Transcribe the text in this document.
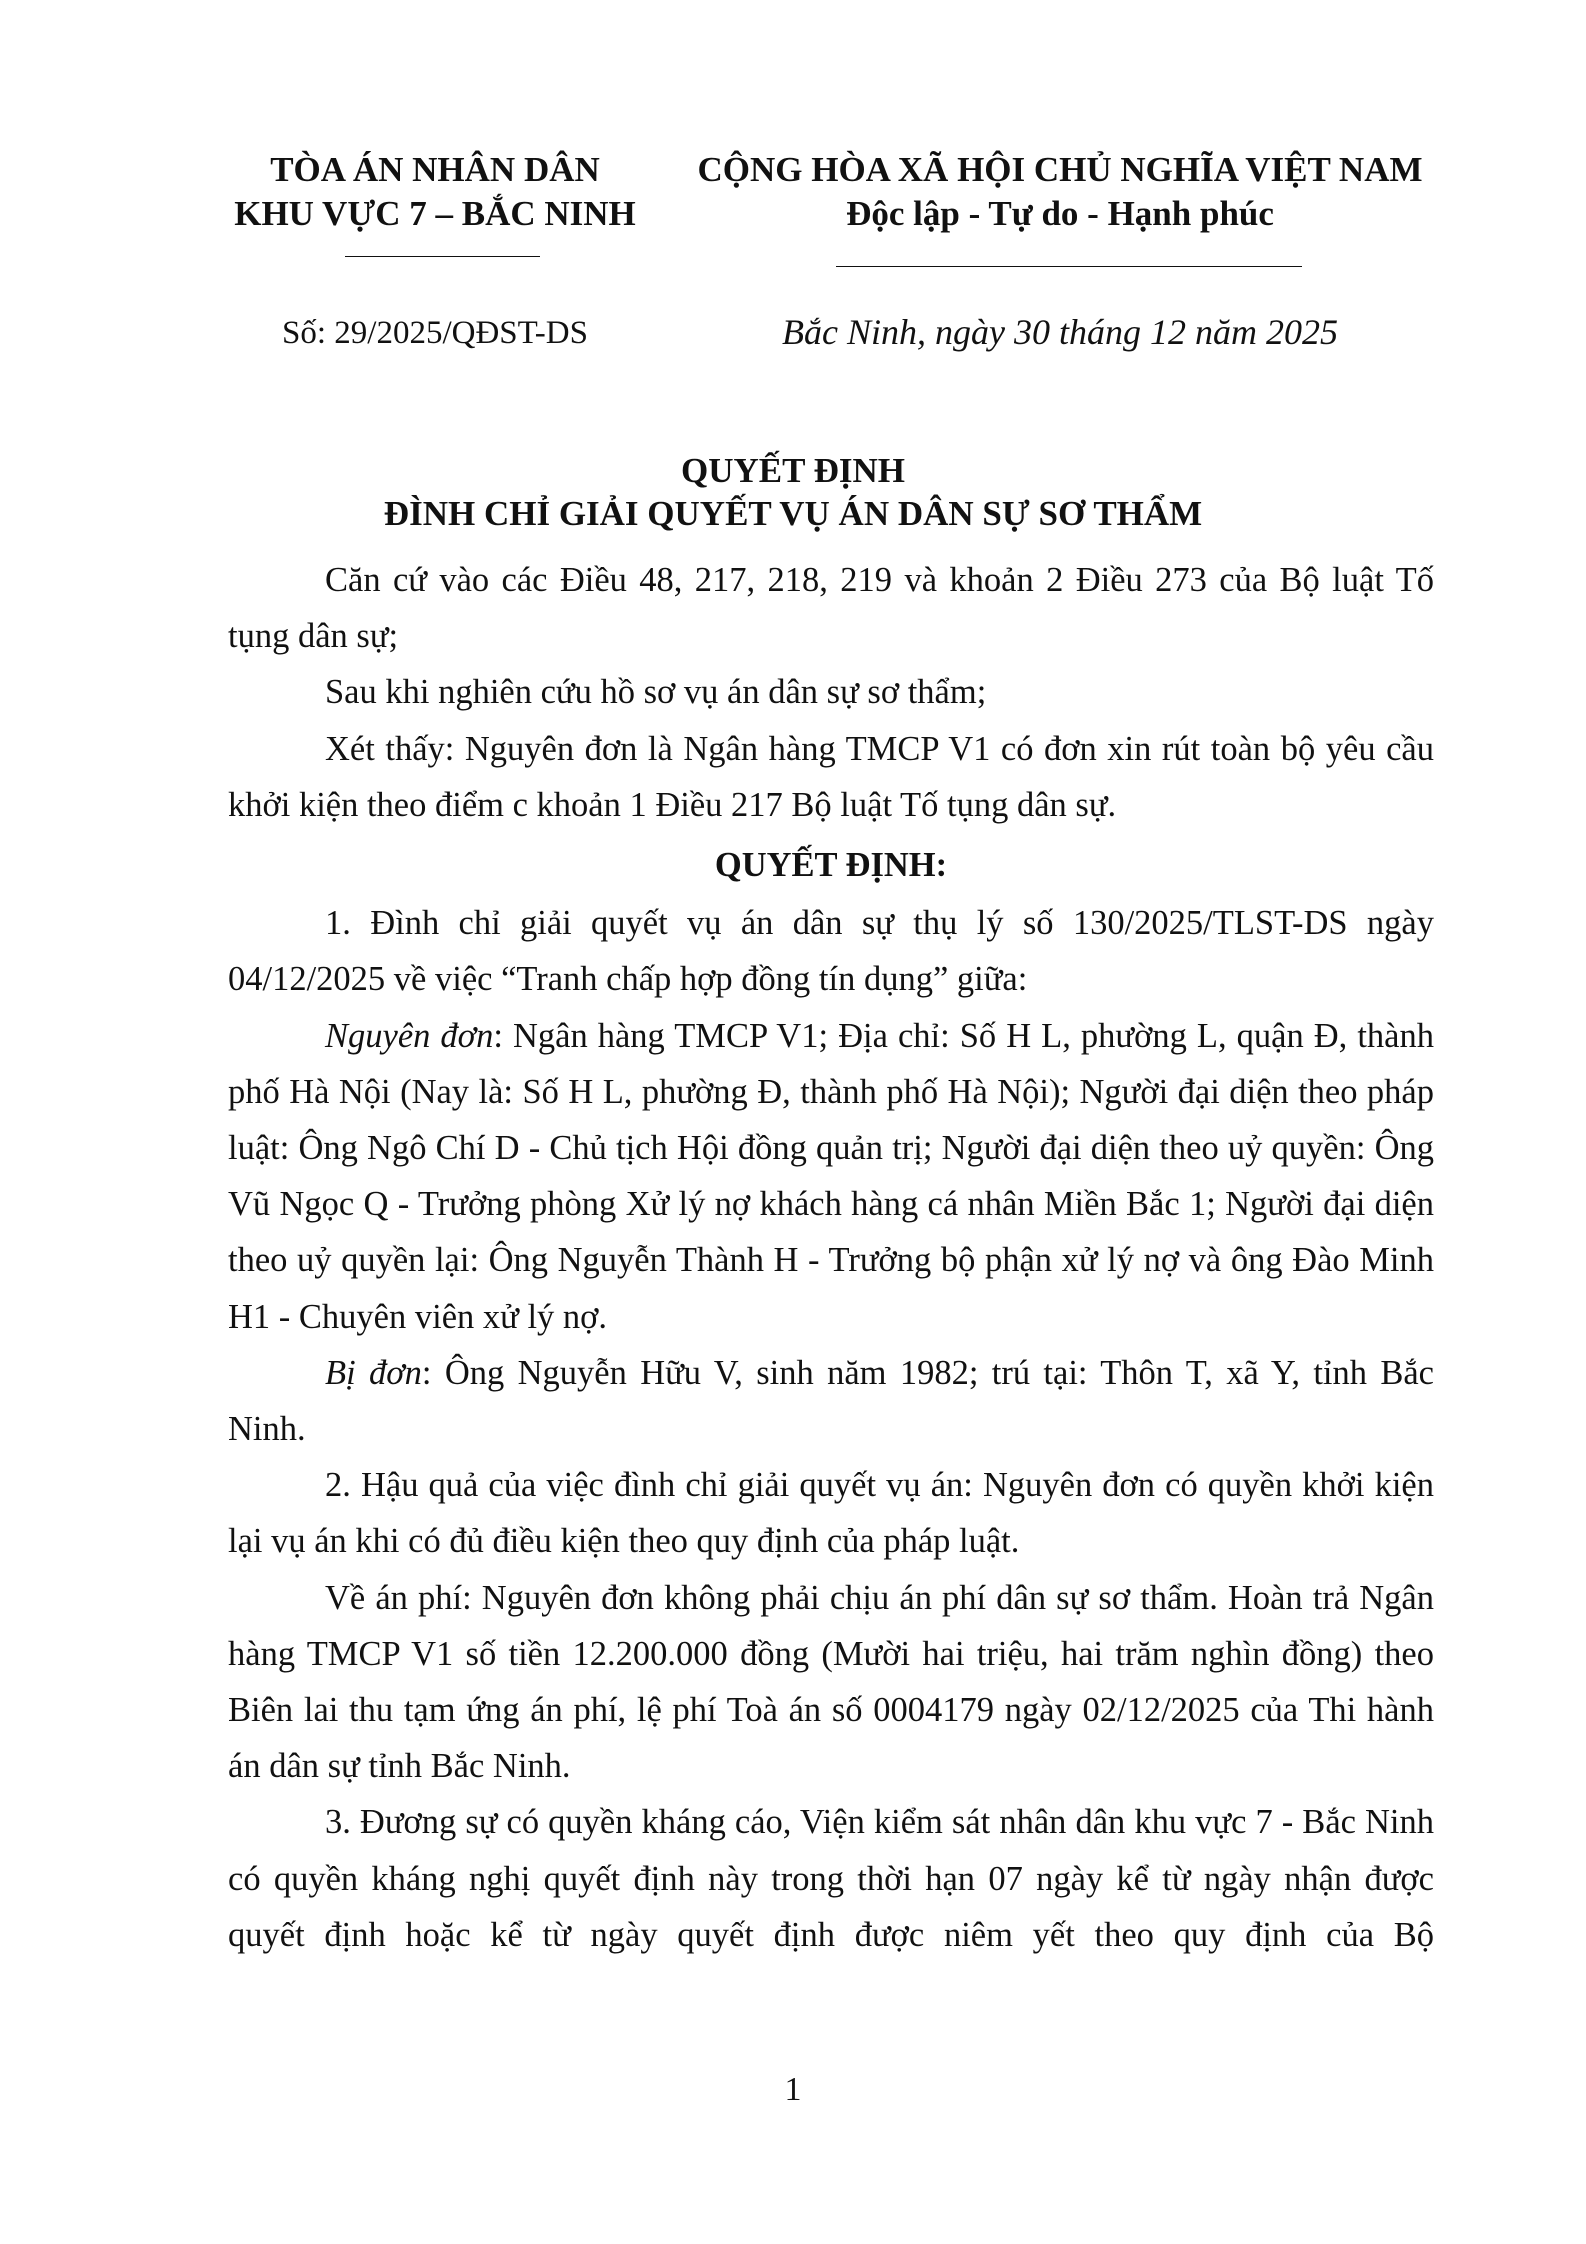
TÒA ÁN NHÂN DÂN
KHU VỰC 7 – BẮC NINH
CỘNG HÒA XÃ HỘI CHỦ NGHĨA VIỆT NAM
Độc lập - Tự do - Hạnh phúc
Số: 29/2025/QĐST-DS	Bắc Ninh, ngày 30 tháng 12 năm 2025
QUYẾT ĐỊNH
ĐÌNH CHỈ GIẢI QUYẾT VỤ ÁN DÂN SỰ SƠ THẨM

Căn cứ vào các Điều 48, 217, 218, 219 và khoản 2 Điều 273 của Bộ luật Tố tụng dân sự;

Sau khi nghiên cứu hồ sơ vụ án dân sự sơ thẩm;

Xét thấy: Nguyên đơn là Ngân hàng TMCP V1 có đơn xin rút toàn bộ yêu cầu khởi kiện theo điểm c khoản 1 Điều 217 Bộ luật Tố tụng dân sự.

QUYẾT ĐỊNH:

1. Đình chỉ giải quyết vụ án dân sự thụ lý số 130/2025/TLST-DS ngày 04/12/2025 về việc “Tranh chấp hợp đồng tín dụng” giữa:

Nguyên đơn: Ngân hàng TMCP V1; Địa chỉ: Số H L, phường L, quận Đ, thành phố Hà Nội (Nay là: Số H L, phường Đ, thành phố Hà Nội); Người đại diện theo pháp luật: Ông Ngô Chí D - Chủ tịch Hội đồng quản trị; Người đại diện theo uỷ quyền: Ông Vũ Ngọc Q - Trưởng phòng Xử lý nợ khách hàng cá nhân Miền Bắc 1; Người đại diện theo uỷ quyền lại: Ông Nguyễn Thành H - Trưởng bộ phận xử lý nợ và ông Đào Minh H1 - Chuyên viên xử lý nợ.

Bị đơn: Ông Nguyễn Hữu V, sinh năm 1982; trú tại: Thôn T, xã Y, tỉnh Bắc Ninh.

2. Hậu quả của việc đình chỉ giải quyết vụ án: Nguyên đơn có quyền khởi kiện lại vụ án khi có đủ điều kiện theo quy định của pháp luật.

Về án phí: Nguyên đơn không phải chịu án phí dân sự sơ thẩm. Hoàn trả Ngân hàng TMCP V1 số tiền 12.200.000 đồng (Mười hai triệu, hai trăm nghìn đồng) theo Biên lai thu tạm ứng án phí, lệ phí Toà án số 0004179 ngày 02/12/2025 của Thi hành án dân sự tỉnh Bắc Ninh.

3. Đương sự có quyền kháng cáo, Viện kiểm sát nhân dân khu vực 7 - Bắc Ninh có quyền kháng nghị quyết định này trong thời hạn 07 ngày kể từ ngày nhận được quyết định hoặc kể từ ngày quyết định được niêm yết theo quy định của Bộ

1
